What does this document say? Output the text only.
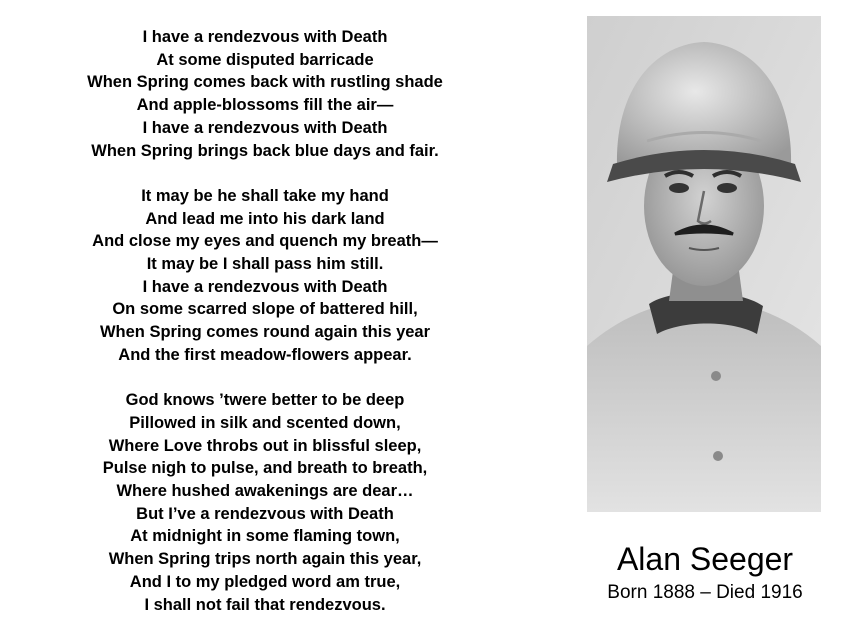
I have a rendezvous with Death
At some disputed barricade
When Spring comes back with rustling shade
And apple-blossoms fill the air—
I have a rendezvous with Death
When Spring brings back blue days and fair.
It may be he shall take my hand
And lead me into his dark land
And close my eyes and quench my breath—
It may be I shall pass him still.
I have a rendezvous with Death
On some scarred slope of battered hill,
When Spring comes round again this year
And the first meadow-flowers appear.
God knows ’twere better to be deep
Pillowed in silk and scented down,
Where Love throbs out in blissful sleep,
Pulse nigh to pulse, and breath to breath,
Where hushed awakenings are dear…
But I’ve a rendezvous with Death
At midnight in some flaming town,
When Spring trips north again this year,
And I to my pledged word am true,
I shall not fail that rendezvous.
Alan Seeger
Born 1888 – Died 1916
